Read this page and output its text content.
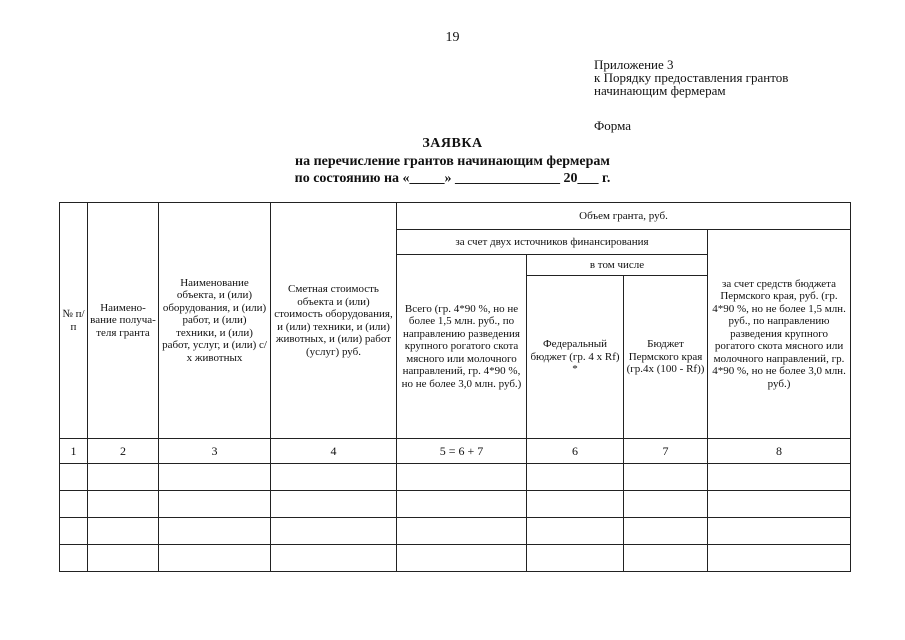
19
Приложение 3
к Порядку предоставления грантов
начинающим фермерам
Форма
ЗАЯВКА
на перечисление грантов начинающим фермерам
по состоянию на «_____» _______________ 20___ г.
№ п/п	Наимено-вание получа-теля гранта	Наименование объекта, и (или) оборудования, и (или) работ, и (или) техники, и (или) работ, услуг, и (или) с/х животных	Сметная стоимость объекта и (или) стоимость оборудования, и (или) техники, и (или) животных, и (или) работ (услуг) руб.	Объем гранта, руб.			
				за счет двух источников финансирования			за счет средств бюджета Пермского края, руб. (гр. 4*90 %, но не более 1,5 млн. руб., по направлению разведения крупного рогатого скота мясного или молочного направлений, гр. 4*90 %, но не более 3,0 млн. руб.)
				Всего (гр. 4*90 %, но не более 1,5 млн. руб., по направлению разведения крупного рогатого скота мясного или молочного направлений, гр. 4*90 %, но не более 3,0 млн. руб.)	в том числе		
					Федеральный бюджет (гр. 4 х Rf) *	Бюджет Пермского края (гр.4х (100 - Rf))	
1	2	3	4	5 = 6 + 7	6	7	8
